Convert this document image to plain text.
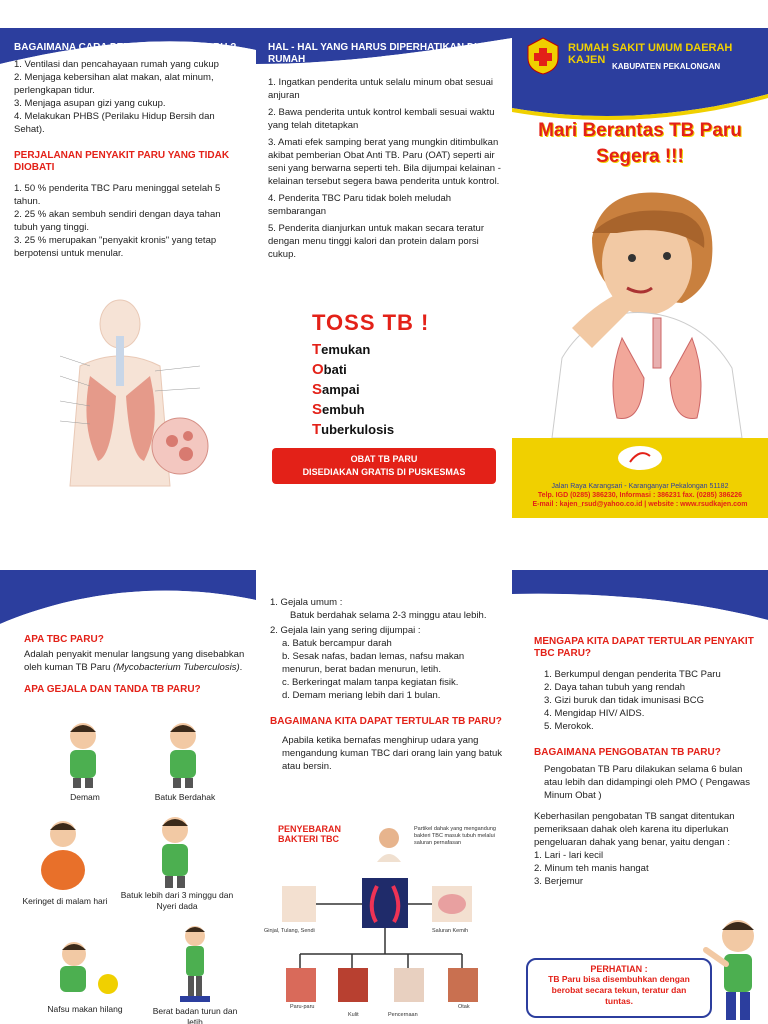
BAGAIMANA CARA PENCEGAHAN TB PARU ?
1. Ventilasi dan pencahayaan rumah yang cukup
2. Menjaga kebersihan alat makan, alat minum, perlengkapan tidur.
3. Menjaga asupan gizi yang cukup.
4. Melakukan PHBS (Perilaku Hidup Bersih dan Sehat).
PERJALANAN PENYAKIT PARU YANG TIDAK DIOBATI
1. 50 % penderita TBC Paru meninggal setelah 5 tahun.
2. 25 % akan sembuh sendiri dengan daya tahan tubuh yang tinggi.
3. 25 % merupakan "penyakit kronis" yang tetap berpotensi untuk menular.
HAL - HAL YANG HARUS DIPERHATIKAN DI RUMAH
1. Ingatkan penderita untuk selalu minum obat sesuai anjuran
2. Bawa penderita untuk kontrol kembali sesuai waktu yang telah ditetapkan
3. Amati efek samping berat yang mungkin ditimbulkan akibat pemberian Obat Anti TB. Paru (OAT) seperti air seni yang berwarna seperti teh. Bila dijumpai kelainan - kelainan tersebut segera bawa penderita untuk kontrol.
4. Penderita TBC Paru tidak boleh meludah sembarangan
5. Penderita dianjurkan untuk makan secara teratur dengan menu tinggi kalori dan protein dalam porsi cukup.
TOSS TB !
Temukan
Obati
Sampai
Sembuh
Tuberkulosis
OBAT TB PARU
DISEDIAKAN GRATIS DI PUSKESMAS
RUMAH SAKIT UMUM DAERAH KAJEN
KABUPATEN PEKALONGAN
Mari Berantas TB Paru
Segera !!!
Jalan Raya Karangsari - Karanganyar Pekalongan 51182
Telp. IGD (0285) 386230, Informasi : 386231 fax. (0285) 386226
E-mail : kajen_rsud@yahoo.co.id | website : www.rsudkajen.com
APA TBC PARU?

Adalah penyakit menular langsung yang disebabkan oleh kuman TB Paru (Mycobacterium Tuberculosis).

APA GEJALA DAN TANDA TB PARU?
Demam	Batuk Berdahak
Keringet di malam hari
Batuk lebih dari 3 minggu dan Nyeri dada
Nafsu makan hilang	Berat badan turun dan letih
1. Gejala umum :
Batuk berdahak selama 2-3 minggu atau lebih.
2. Gejala lain yang sering dijumpai :
a. Batuk bercampur darah
b. Sesak nafas, badan lemas, nafsu makan menurun, berat badan menurun, letih.
c. Berkeringat malam tanpa kegiatan fisik.
d. Demam meriang lebih dari 1 bulan.
BAGAIMANA KITA DAPAT TERTULAR TB PARU?

Apabila ketika bernafas menghirup udara yang mengandung kuman TBC dari orang lain yang batuk atau bersin.

PENYEBARAN
BAKTERI TBC
Partikel dahak yang mengandung bakteri TBC masuk tubuh melalui saluran pernafasan
Ginjal, Tulang, Sendi	Saluran Kemih
Paru-paru
Kulit	Pencernaan
Otak
MENGAPA KITA DAPAT TERTULAR PENYAKIT TBC PARU?
1. Berkumpul dengan penderita TBC Paru
2. Daya tahan tubuh yang rendah
3. Gizi buruk dan tidak imunisasi BCG
4. Mengidap HIV/ AIDS.
5. Merokok.
BAGAIMANA PENGOBATAN TB PARU?

Pengobatan TB Paru dilakukan selama 6 bulan atau lebih dan didampingi oleh PMO ( Pengawas Minum Obat )

Keberhasilan pengobatan TB sangat ditentukan pemeriksaan dahak oleh karena itu diperlukan pengeluaran dahak yang benar, yaitu dengan :

1. Lari - lari kecil
2. Minum teh manis hangat
3. Berjemur
PERHATIAN :
TB Paru bisa disembuhkan dengan berobat secara tekun, teratur dan tuntas.
